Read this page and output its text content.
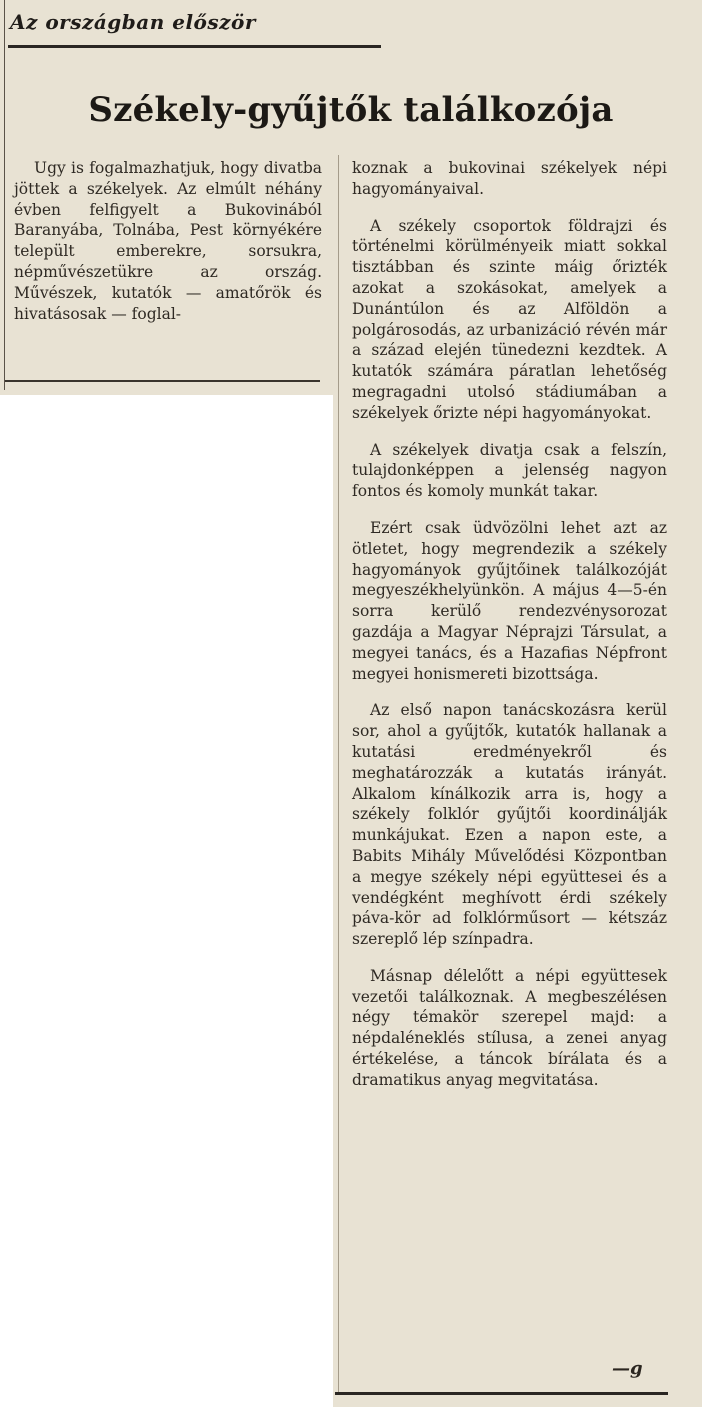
Az országban először
Székely-gyűjtők találkozója

Ugy is fogalmazhatjuk, hogy divatba jöttek a székelyek. Az elmúlt néhány évben felfigyelt a Bukovinából Baranyába, Tolnába, Pest környékére települt emberekre, sorsukra, népművészetükre az ország. Művészek, kutatók — amatőrök és hivatásosak — foglal-

koznak a bukovinai székelyek népi hagyományaival.

A székely csoportok földrajzi és történelmi körülményeik miatt sokkal tisztábban és szinte máig őrizték azokat a szokásokat, amelyek a Dunántúlon és az Alföldön a polgárosodás, az urbanizáció révén már a század elején tünedezni kezdtek. A kutatók számára páratlan lehetőség megragadni utolsó stádiumában a székelyek őrizte népi hagyományokat.

A székelyek divatja csak a felszín, tulajdonképpen a jelenség nagyon fontos és komoly munkát takar.

Ezért csak üdvözölni lehet azt az ötletet, hogy megrendezik a székely hagyományok gyűjtőinek találkozóját megyeszékhelyünkön. A május 4—5-én sorra kerülő rendezvénysorozat gazdája a Magyar Néprajzi Társulat, a megyei tanács, és a Hazafias Népfront megyei honismereti bizottsága.

Az első napon tanácskozásra kerül sor, ahol a gyűjtők, kutatók hallanak a kutatási eredményekről és meghatározzák a kutatás irányát. Alkalom kínálkozik arra is, hogy a székely folklór gyűjtői koordinálják munkájukat. Ezen a napon este, a Babits Mihály Művelődési Központban a megye székely népi együttesei és a vendégként meghívott érdi székely páva-kör ad folklórműsort — kétszáz szereplő lép színpadra.

Másnap délelőtt a népi együttesek vezetői találkoznak. A megbeszélésen négy témakör szerepel majd: a népdaléneklés stílusa, a zenei anyag értékelése, a táncok bírálata és a dramatikus anyag megvitatása.

—g
